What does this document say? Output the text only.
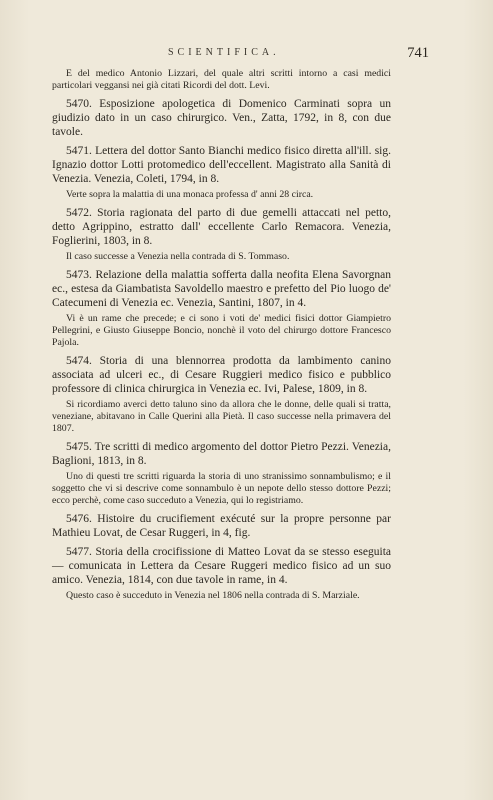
SCIENTIFICA.	741

E del medico Antonio Lizzari, del quale altri scritti intorno a casi medici particolari veggansi nei già citati Ricordi del dott. Levi.

5470. Esposizione apologetica di Domenico Carminati sopra un giudizio dato in un caso chirurgico. Ven., Zatta, 1792, in 8, con due tavole.

5471. Lettera del dottor Santo Bianchi medico fisico diretta all'ill. sig. Ignazio dottor Lotti protomedico dell'eccellent. Magistrato alla Sanità di Venezia. Venezia, Coleti, 1794, in 8.

Verte sopra la malattia di una monaca professa d' anni 28 circa.

5472. Storia ragionata del parto di due gemelli attaccati nel petto, detto Agrippino, estratto dall' eccellente Carlo Remacora. Venezia, Foglierini, 1803, in 8.

Il caso successe a Venezia nella contrada di S. Tommaso.

5473. Relazione della malattia sofferta dalla neofita Elena Savorgnan ec., estesa da Giambatista Savoldello maestro e prefetto del Pio luogo de' Catecumeni di Venezia ec. Venezia, Santini, 1807, in 4.

Vi è un rame che precede; e ci sono i voti de' medici fisici dottor Giampietro Pellegrini, e Giusto Giuseppe Boncio, nonchè il voto del chirurgo dottore Francesco Pajola.

5474. Storia di una blennorrea prodotta da lambimento canino associata ad ulceri ec., di Cesare Ruggieri medico fisico e pubblico professore di clinica chirurgica in Venezia ec. Ivi, Palese, 1809, in 8.

Si ricordiamo averci detto taluno sino da allora che le donne, delle quali si tratta, veneziane, abitavano in Calle Querini alla Pietà. Il caso successe nella primavera del 1807.

5475. Tre scritti di medico argomento del dottor Pietro Pezzi. Venezia, Baglioni, 1813, in 8.

Uno di questi tre scritti riguarda la storia di uno stranissimo sonnambulismo; e il soggetto che vi si descrive come sonnambulo è un nepote dello stesso dottore Pezzi; ecco perchè, come caso succeduto a Venezia, qui lo registriamo.

5476. Histoire du crucifiement exécuté sur la propre personne par Mathieu Lovat, de Cesar Ruggeri, in 4, fig.

5477. Storia della crocifissione di Matteo Lovat da se stesso eseguita — comunicata in Lettera da Cesare Ruggeri medico fisico ad un suo amico. Venezia, 1814, con due tavole in rame, in 4.

Questo caso è succeduto in Venezia nel 1806 nella contrada di S. Marziale.
